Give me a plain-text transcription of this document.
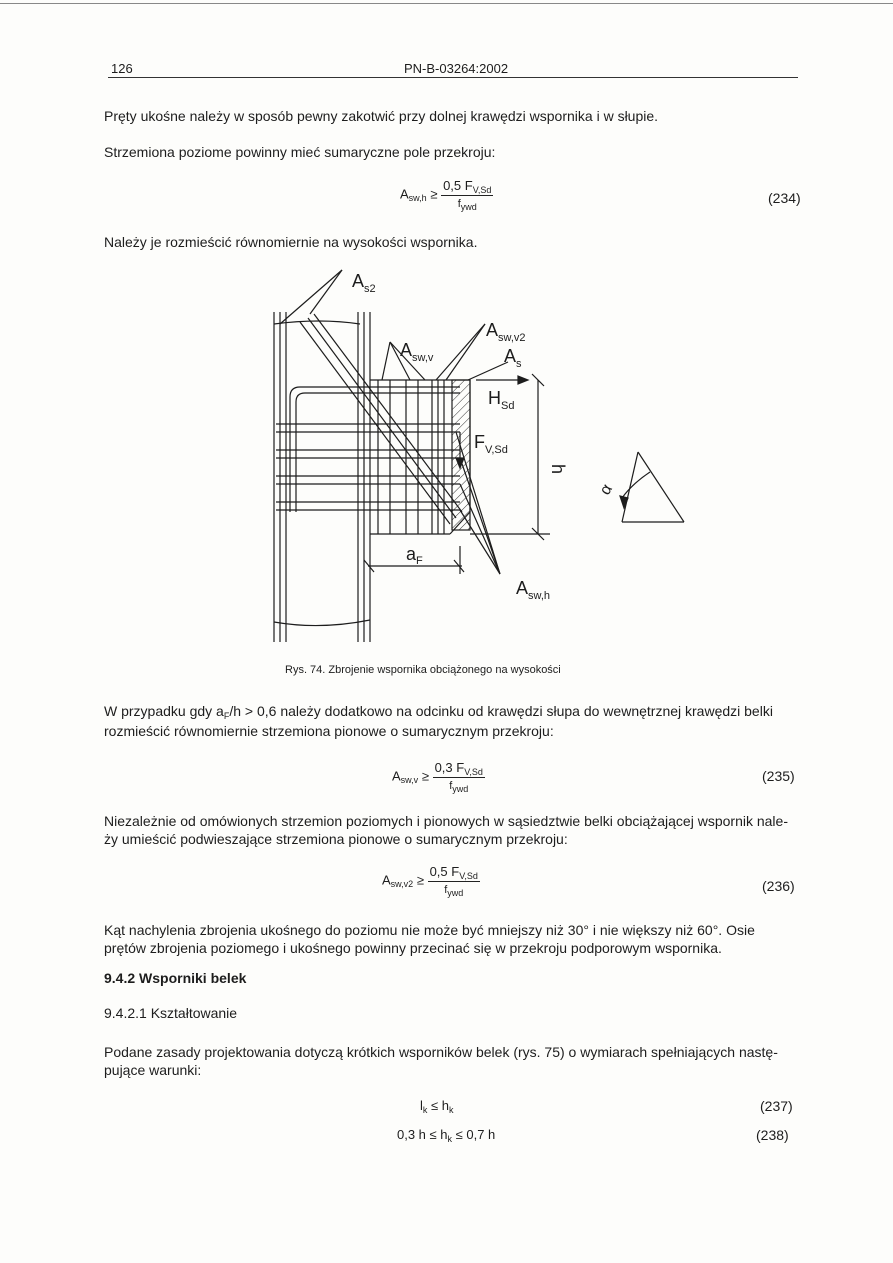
126	PN-B-03264:2002
Pręty ukośne należy w sposób pewny zakotwić przy dolnej krawędzi wspornika i w słupie.
Strzemiona poziome powinny mieć sumaryczne pole przekroju:
$A_{sw,h} \ge \frac{0,5 F_{V,Sd}}{f_{ywd}}$	(234)
Należy je rozmieścić równomiernie na wysokości wspornika.
$A_{s2}$
$A_{sw,v}$
$A_{sw,v2}$
$A_s$
$H_{Sd}$
$F_{V,Sd}$
h
$a_F$
$A_{sw,h}$
α
Rys. 74. Zbrojenie wspornika obciążonego na wysokości
W przypadku gdy $a_F/h > 0,6$ należy dodatkowo na odcinku od krawędzi słupa do wewnętrznej krawędzi belki rozmieścić równomiernie strzemiona pionowe o sumarycznym przekroju:
$A_{sw,v} \ge \frac{0,3 F_{V,Sd}}{f_{ywd}}$	(235)
Niezależnie od omówionych strzemion poziomych i pionowych w sąsiedztwie belki obciążającej wspornik nale-
ży umieścić podwieszające strzemiona pionowe o sumarycznym przekroju:
$A_{sw,v2} \ge \frac{0,5 F_{V,Sd}}{f_{ywd}}$	(236)
Kąt nachylenia zbrojenia ukośnego do poziomu nie może być mniejszy niż 30° i nie większy niż 60°. Osie
prętów zbrojenia poziomego i ukośnego powinny przecinać się w przekroju podporowym wspornika.
9.4.2 Wsporniki belek
9.4.2.1 Kształtowanie
Podane zasady projektowania dotyczą krótkich wsporników belek (rys. 75) o wymiarach spełniających nastę-
pujące warunki:
$l_k \le h_k$	(237)
0,3 $h \le h_k \le 0,7$ h	(238)
